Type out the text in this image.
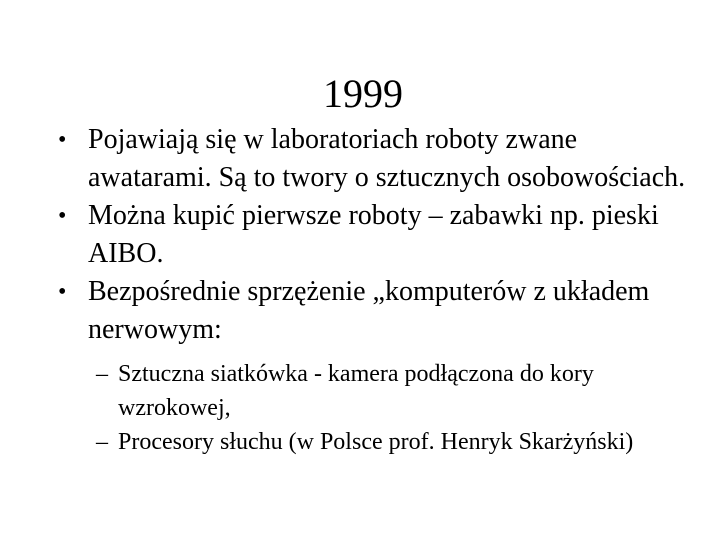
1999
• Pojawiają się w laboratoriach roboty zwane awatarami. Są to twory o sztucznych osobowościach.
• Można kupić pierwsze roboty – zabawki np. pieski AIBO.
• Bezpośrednie sprzężenie „komputerów z układem nerwowym:
– Sztuczna siatkówka - kamera podłączona do kory wzrokowej,
– Procesory słuchu (w Polsce prof. Henryk Skarżyński)
